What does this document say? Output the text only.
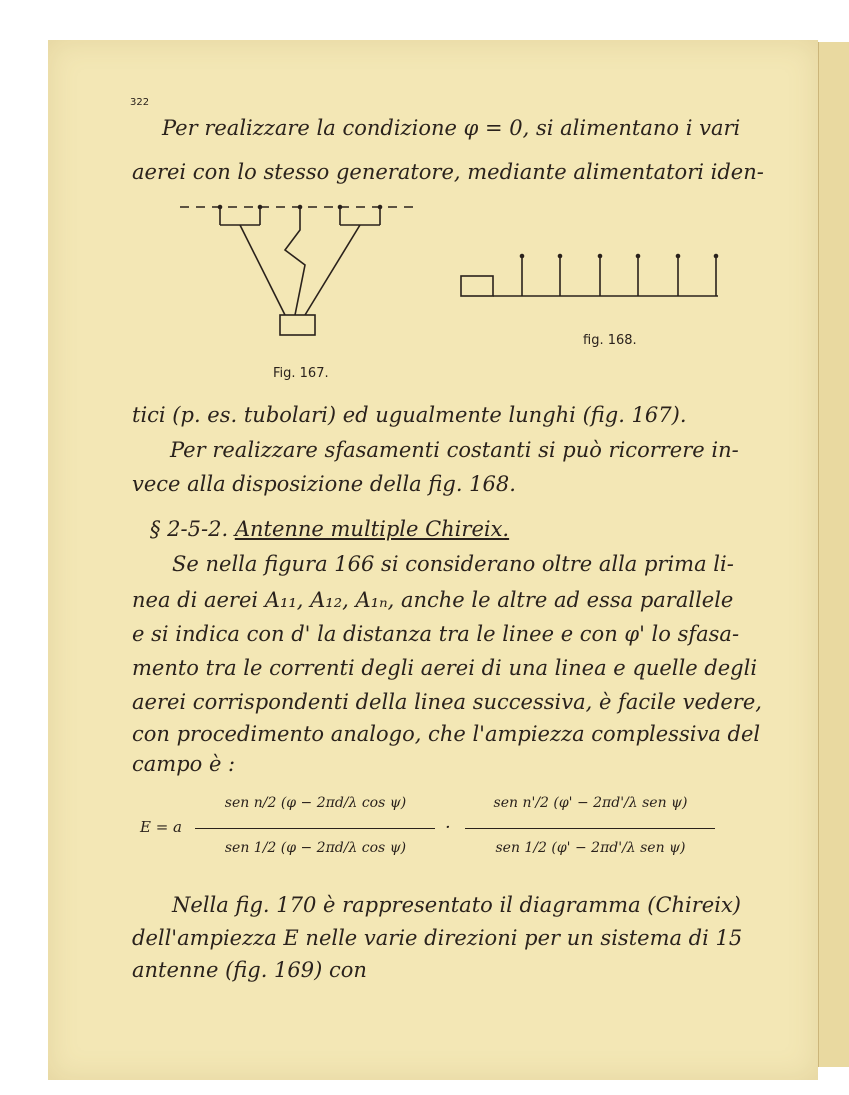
322
Per realizzare la condizione φ = 0, si alimentano i vari
aerei con lo stesso generatore, mediante alimentatori iden-
Fig. 167.
fig. 168.
tici (p. es. tubolari) ed ugualmente lunghi (fig. 167).
Per realizzare sfasamenti costanti si può ricorrere in-
vece alla disposizione della fig. 168.
§ 2-5-2. Antenne multiple Chireix.
Se nella figura 166 si considerano oltre alla prima li-
nea di aerei A₁₁, A₁₂, A₁ₙ, anche le altre ad essa parallele
e si indica con d' la distanza tra le linee e con φ' lo sfasa-
mento tra le correnti degli aerei di una linea e quelle degli
aerei corrispondenti della linea successiva, è facile vedere,
con procedimento analogo, che l'ampiezza complessiva del
campo è :
E = a
sen n/2 (φ − 2πd/λ cos ψ)
sen 1/2 (φ − 2πd/λ cos ψ)
·
sen n'/2 (φ' − 2πd'/λ sen ψ)
sen 1/2 (φ' − 2πd'/λ sen ψ)
Nella fig. 170 è rappresentato il diagramma (Chireix)
dell'ampiezza E nelle varie direzioni per un sistema di 15
antenne (fig. 169) con
